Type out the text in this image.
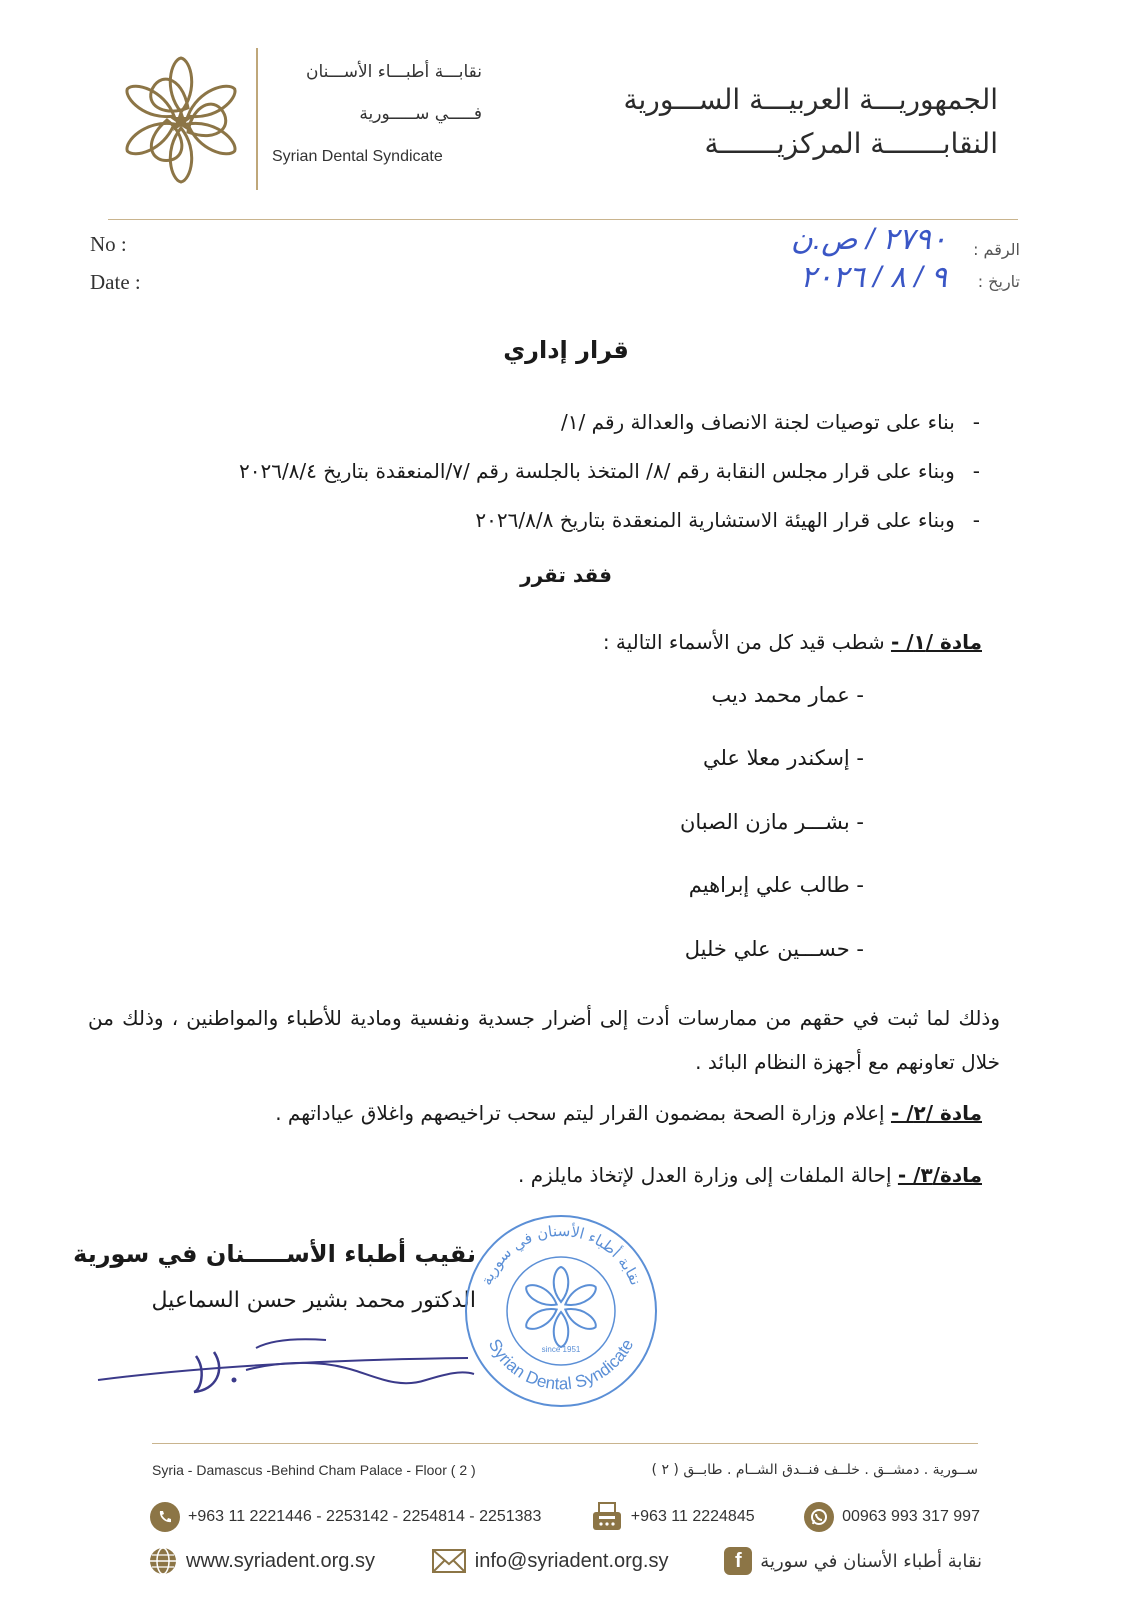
الجمهوريـــة العربيـــة الســـورية
النقابـــــــة المركزيـــــــة
نقابـــة أطبـــاء الأســـنان
فـــــي ســـــورية
Syrian Dental Syndicate
No :
Date :
الرقم :
تاريخ :
٢٧٩٠ / ص.ن
٩ / ٨ / ٢٠٢٦
قرار إداري
-بناء على توصيات لجنة الانصاف والعدالة رقم /١/
-وبناء على قرار مجلس النقابة رقم /٨/ المتخذ بالجلسة رقم /٧/المنعقدة بتاريخ ٢٠٢٦/٨/٤
-وبناء على قرار الهيئة الاستشارية المنعقدة بتاريخ ٢٠٢٦/٨/٨
فقد تقرر
مادة /١/ - شطب قيد كل من الأسماء التالية :
- عمار محمد ديب
- إسكندر معلا علي
- بشـــر مازن الصبان
- طالب علي إبراهيم
- حســـين علي خليل
وذلك لما ثبت في حقهم من ممارسات أدت إلى أضرار جسدية ونفسية ومادية للأطباء والمواطنين ، وذلك من خلال تعاونهم مع أجهزة النظام البائد .
مادة /٢/ - إعلام وزارة الصحة بمضمون القرار ليتم سحب تراخيصهم واغلاق عياداتهم .
مادة/٣/ - إحالة الملفات إلى وزارة العدل لإتخاذ مايلزم .
نقيب أطباء الأســـــنان في سورية
الدكتور محمد بشير حسن السماعيل
نقابة أطباء الأسنان في سورية
Syrian Dental Syndicate
since 1951
Syria - Damascus -Behind Cham Palace - Floor ( 2 )	ســورية . دمشــق . خلــف فنــدق الشــام . طابــق ( ٢ )
+963 11 2221446 - 2253142 - 2254814 - 2251383	+963 11 2224845	00963 993 317 997
www.syriadent.org.sy	info@syriadent.org.sy	f	نقابة أطباء الأسنان في سورية
